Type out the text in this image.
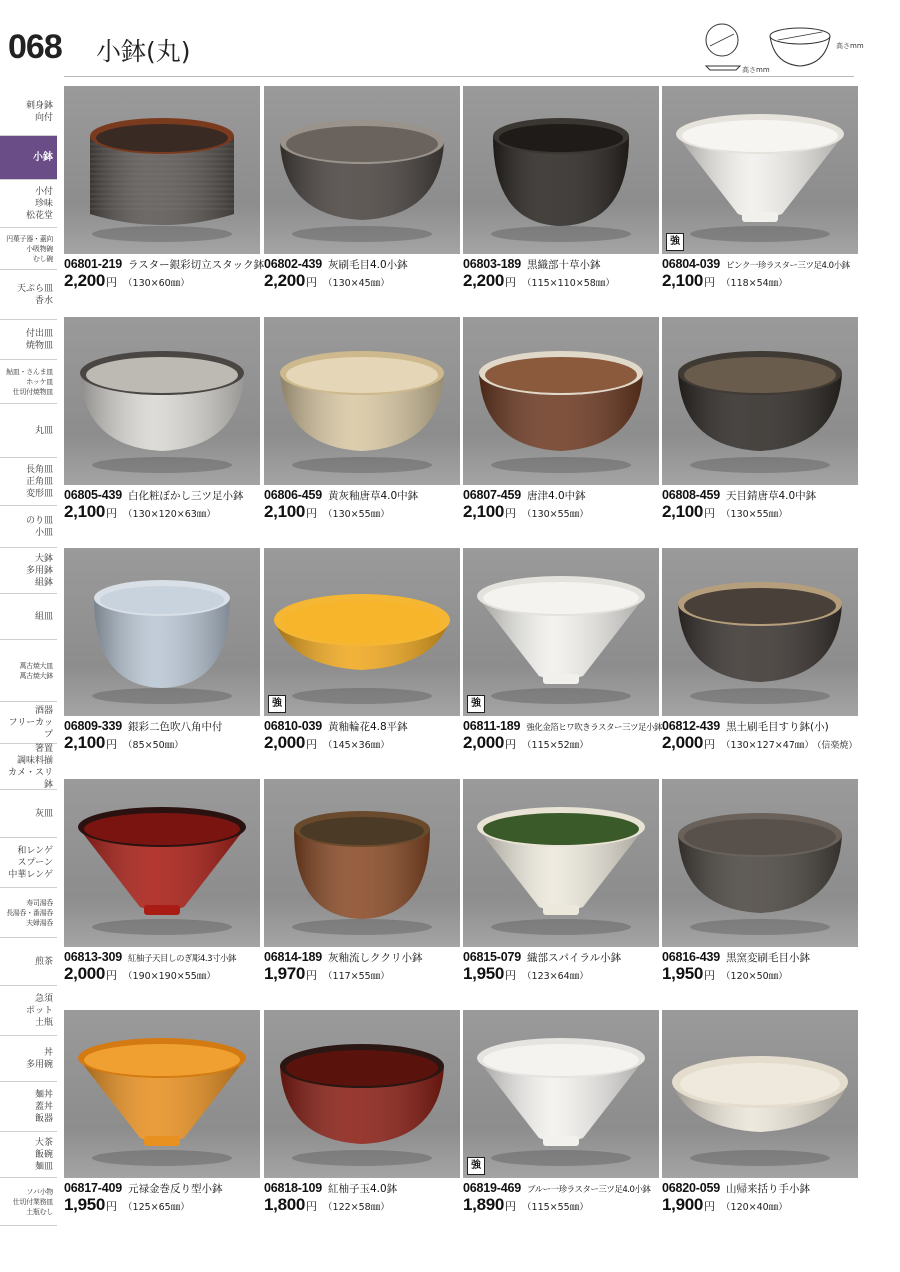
068 小鉢(丸)
高さmm
高さmm
刺身鉢
向付
小鉢
小付
珍味
松花堂
円菓子器・蓋向
小吸物碗
むし碗
天ぷら皿
香水
付出皿
焼物皿
鮎皿・さんま皿
ホッケ皿
仕切付焼物皿
丸皿
長角皿
正角皿
変形皿
のり皿
小皿
大鉢
多用鉢
組鉢
組皿
萬古焼大皿
萬古焼大鉢
酒器
フリーカップ
箸置
調味料揃
カメ・スリ鉢
灰皿
和レンゲ
スプーン
中華レンゲ
寿司湯呑
長湯呑・番湯呑
夫婦湯呑
煎茶
急須
ポット
土瓶
丼
多用碗
麺丼
蓋丼
飯器
大茶
飯碗
麺皿
ソバ小物
仕切付業務皿
土瓶むし
06801-219 ラスター銀彩切立スタック鉢
2,200円 （130×60㎜）
06802-439 灰刷毛目4.0小鉢
2,200円 （130×45㎜）
06803-189 黒織部十草小鉢
2,200円 （115×110×58㎜）
強
06804-039 ピンク一珍ラスター三ツ足4.0小鉢
2,100円 （118×54㎜）
06805-439 白化粧ぼかし三ツ足小鉢
2,100円 （130×120×63㎜）
06806-459 黄灰釉唐草4.0中鉢
2,100円 （130×55㎜）
06807-459 唐津4.0中鉢
2,100円 （130×55㎜）
06808-459 天目錆唐草4.0中鉢
2,100円 （130×55㎜）
06809-339 銀彩二色吹八角中付
2,100円 （85×50㎜）
強
06810-039 黄釉輪花4.8平鉢
2,000円 （145×36㎜）
強
06811-189 強化金箔ヒワ吹きラスター三ツ足小鉢
2,000円 （115×52㎜）
06812-439 黒土刷毛目すり鉢(小)
2,000円 （130×127×47㎜） （信楽焼）
06813-309 紅柚子天目しのぎ彫4.3寸小鉢
2,000円 （190×190×55㎜）
06814-189 灰釉流しククリ小鉢
1,970円 （117×55㎜）
06815-079 織部スパイラル小鉢
1,950円 （123×64㎜）
06816-439 黒窯変刷毛目小鉢
1,950円 （120×50㎜）
06817-409 元禄金巻反り型小鉢
1,950円 （125×65㎜）
06818-109 紅柚子玉4.0鉢
1,800円 （122×58㎜）
強
06819-469 ブルー一珍ラスター三ツ足4.0小鉢
1,890円 （115×55㎜）
06820-059 山帰来括り手小鉢
1,900円 （120×40㎜）
